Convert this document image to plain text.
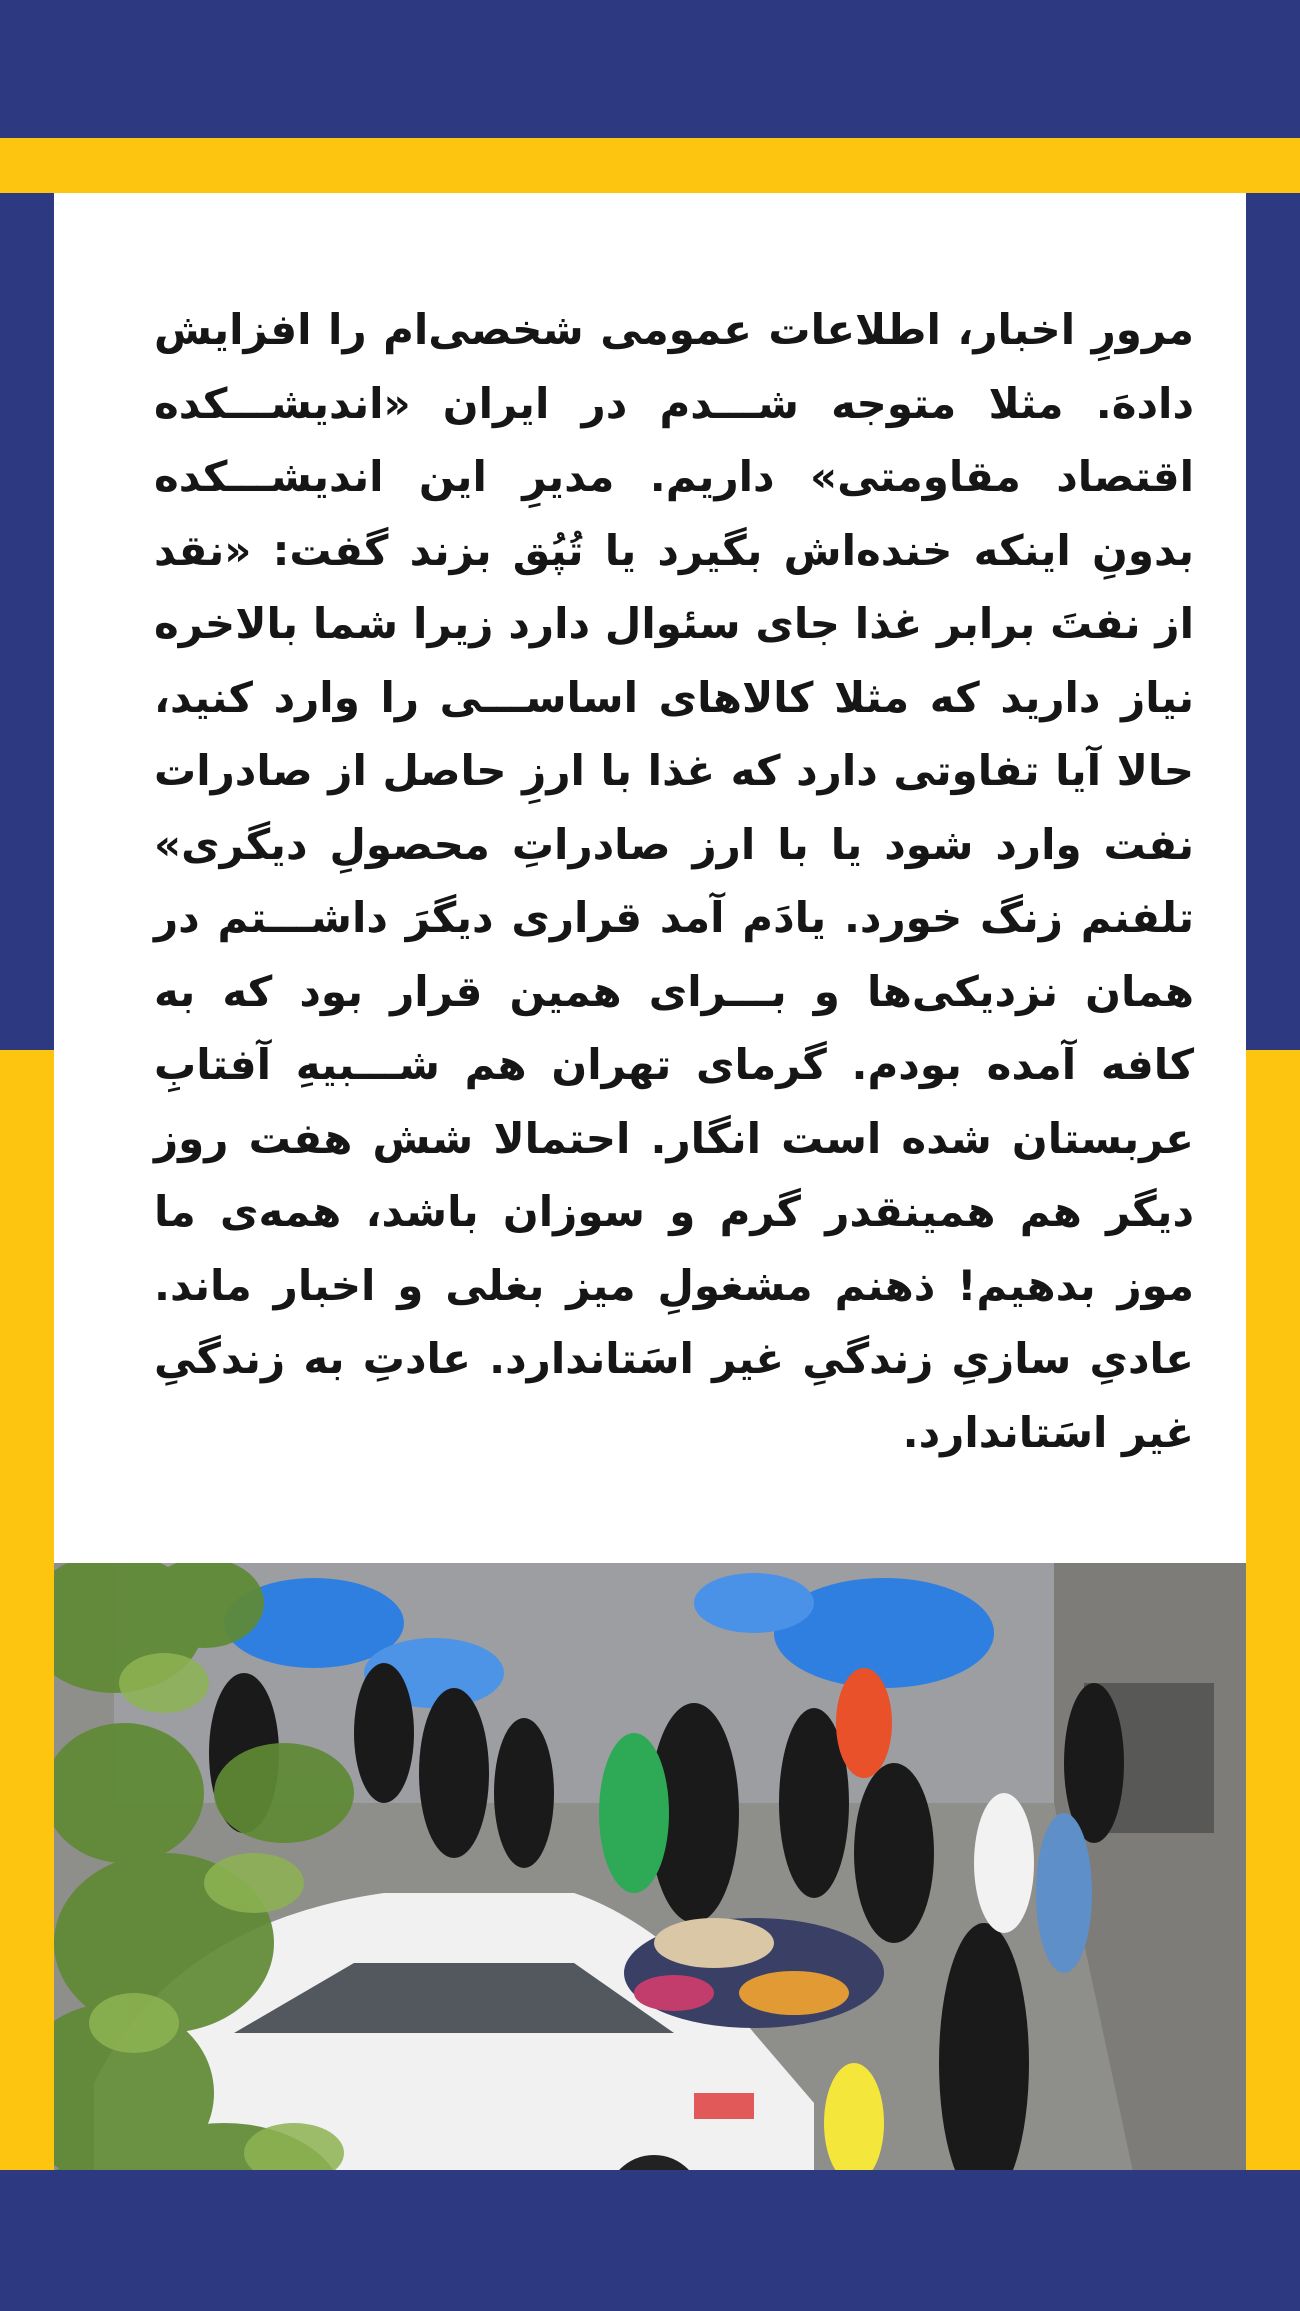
مرورِ اخبار، اطلاعات عمومی شخصی‌ام را افزایش دادهَ. مثلا متوجه شـــدم در ایران «اندیشـــکده اقتصاد مقاومتی» داریم. مدیرِ این اندیشـــکده بدونِ اینکه خنده‌اش بگیرد یا تُپُق بزند گفت: «نقد از نفتَ برابر غذا جای سئوال دارد زیرا شما بالاخره نیاز دارید که مثلا کالاهای اساســـی را وارد کنید، حالا آیا تفاوتی دارد که غذا با ارزِ حاصل از صادرات نفت وارد شود یا با ارز صادراتِ محصولِ دیگری» تلفنم زنگ خورد. یادَم آمد قراری دیگرَ داشـــتم در همان نزدیکی‌ها و بـــرای همین قرار بود که به کافه آمده بودم. گرمای تهران هم شـــبیهِ آفتابِ عربستان شده است انگار. احتمالا شش هفت روز دیگر هم همینقدر گرم و سوزان باشد، همه‌ی ما موز بدهیم! ذهنم مشغولِ میز بغلی و اخبار ماند. عادیِ سازیِ زندگیِ غیر اسَتاندارد. عادتِ به زندگیِ غیر اسَتاندارد.
